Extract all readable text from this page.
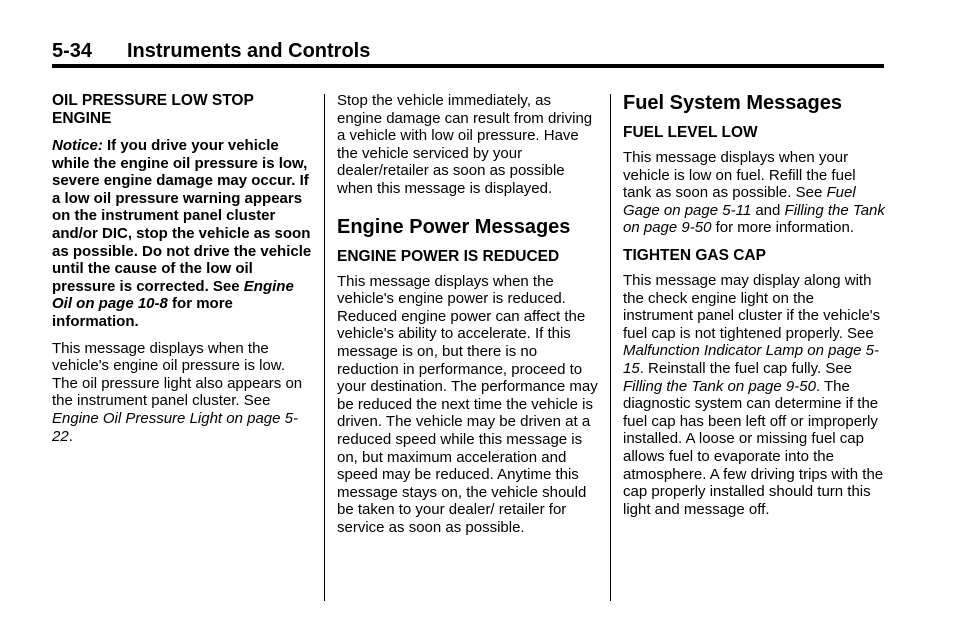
5-34 Instruments and Controls

OIL PRESSURE LOW STOP ENGINE

Notice: If you drive your vehicle while the engine oil pressure is low, severe engine damage may occur. If a low oil pressure warning appears on the instrument panel cluster and/or DIC, stop the vehicle as soon as possible. Do not drive the vehicle until the cause of the low oil pressure is corrected. See Engine Oil on page 10-8 for more information.

This message displays when the vehicle's engine oil pressure is low. The oil pressure light also appears on the instrument panel cluster. See Engine Oil Pressure Light on page 5-22.

Stop the vehicle immediately, as engine damage can result from driving a vehicle with low oil pressure. Have the vehicle serviced by your dealer/retailer as soon as possible when this message is displayed.

Engine Power Messages

ENGINE POWER IS REDUCED

This message displays when the vehicle's engine power is reduced. Reduced engine power can affect the vehicle's ability to accelerate. If this message is on, but there is no reduction in performance, proceed to your destination. The performance may be reduced the next time the vehicle is driven. The vehicle may be driven at a reduced speed while this message is on, but maximum acceleration and speed may be reduced. Anytime this message stays on, the vehicle should be taken to your dealer/ retailer for service as soon as possible.

Fuel System Messages

FUEL LEVEL LOW

This message displays when your vehicle is low on fuel. Refill the fuel tank as soon as possible. See Fuel Gage on page 5-11 and Filling the Tank on page 9-50 for more information.

TIGHTEN GAS CAP

This message may display along with the check engine light on the instrument panel cluster if the vehicle's fuel cap is not tightened properly. See Malfunction Indicator Lamp on page 5-15. Reinstall the fuel cap fully. See Filling the Tank on page 9-50. The diagnostic system can determine if the fuel cap has been left off or improperly installed. A loose or missing fuel cap allows fuel to evaporate into the atmosphere. A few driving trips with the cap properly installed should turn this light and message off.
